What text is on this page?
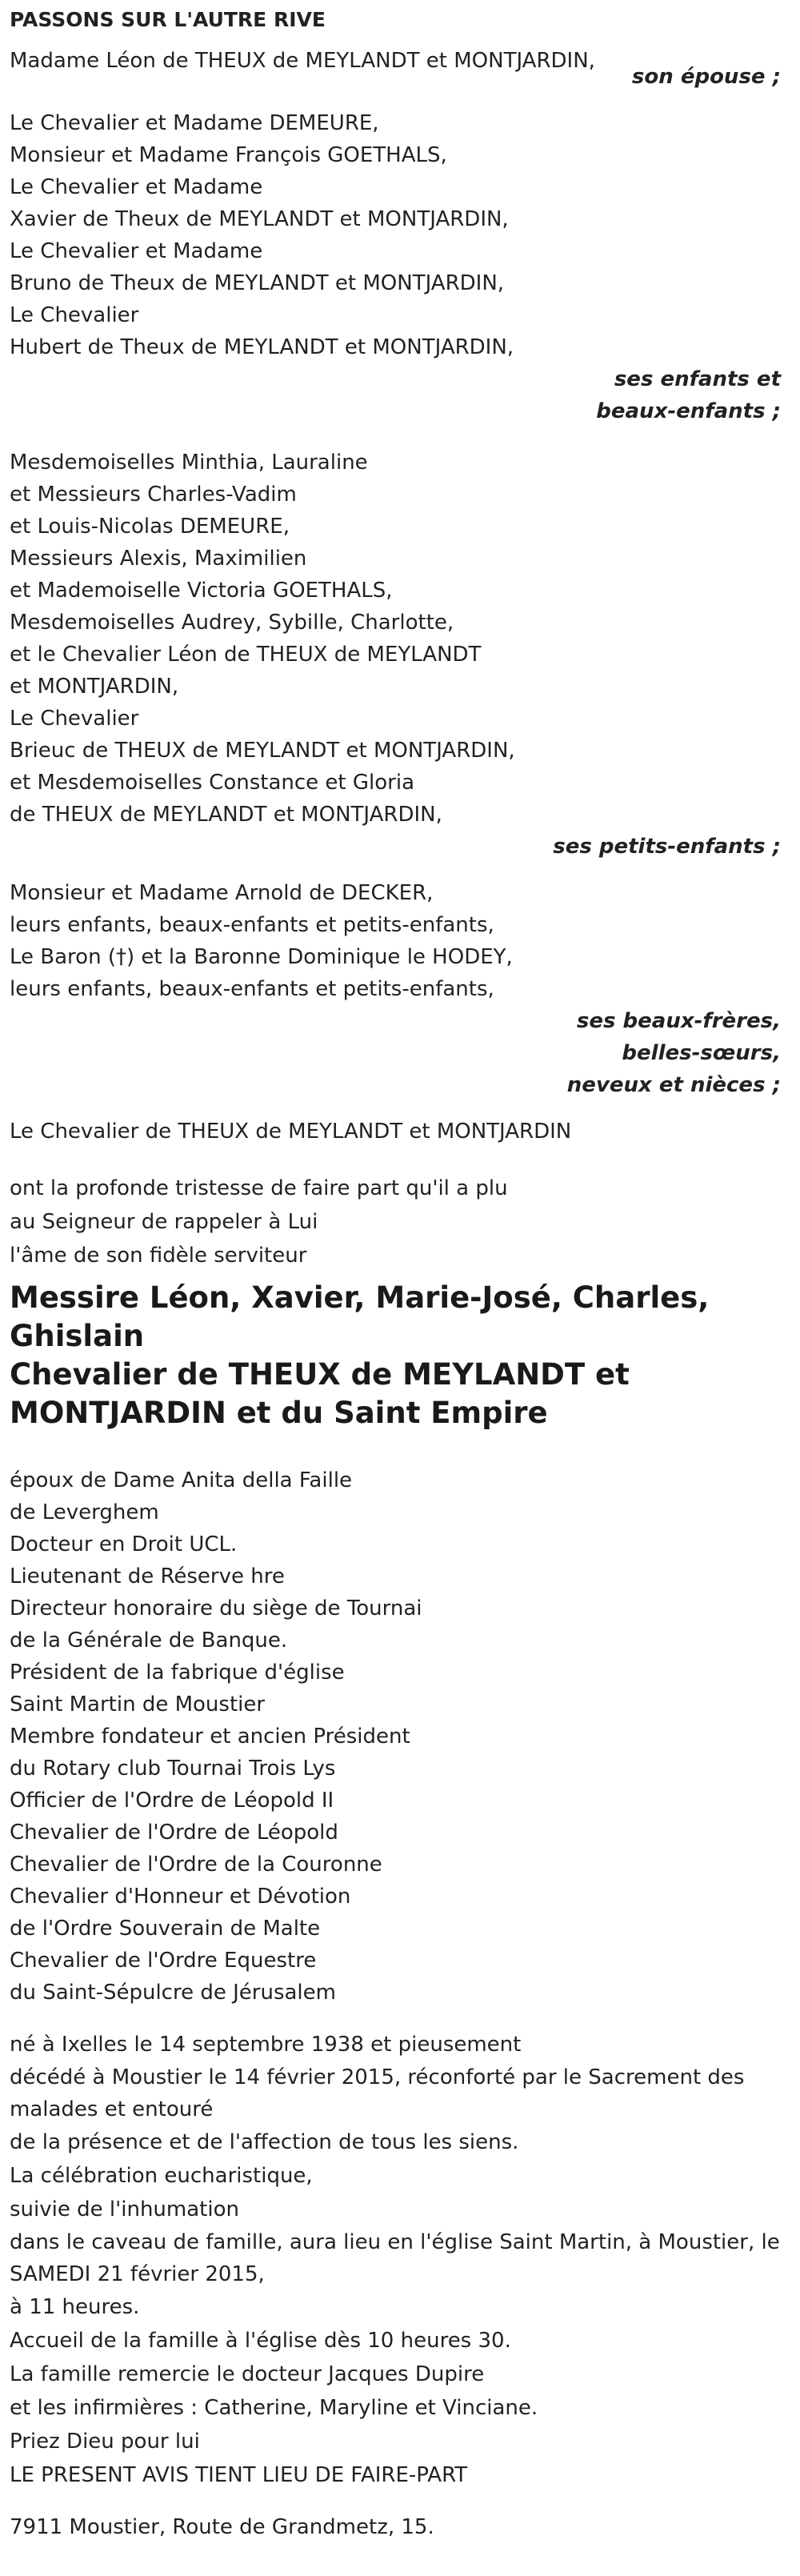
PASSONS SUR L'AUTRE RIVE
Madame Léon de THEUX de MEYLANDT et MONTJARDIN,
son épouse ;
Le Chevalier et Madame DEMEURE,
Monsieur et Madame François GOETHALS,
Le Chevalier et Madame
Xavier de Theux de MEYLANDT et MONTJARDIN,
Le Chevalier et Madame
Bruno de Theux de MEYLANDT et MONTJARDIN,
Le Chevalier
Hubert de Theux de MEYLANDT et MONTJARDIN,
ses enfants et
beaux-enfants ;
Mesdemoiselles Minthia, Lauraline
et Messieurs Charles-Vadim
et Louis-Nicolas DEMEURE,
Messieurs Alexis, Maximilien
et Mademoiselle Victoria GOETHALS,
Mesdemoiselles Audrey, Sybille, Charlotte,
et le Chevalier Léon de THEUX de MEYLANDT
et MONTJARDIN,
Le Chevalier
Brieuc de THEUX de MEYLANDT et MONTJARDIN,
et Mesdemoiselles Constance et Gloria
de THEUX de MEYLANDT et MONTJARDIN,
ses petits-enfants ;
Monsieur et Madame Arnold de DECKER,
leurs enfants, beaux-enfants et petits-enfants,
Le Baron (†) et la Baronne Dominique le HODEY,
leurs enfants, beaux-enfants et petits-enfants,
ses beaux-frères,
belles-sœurs,
neveux et nièces ;
Le Chevalier de THEUX de MEYLANDT et MONTJARDIN
ont la profonde tristesse de faire part qu'il a plu
au Seigneur de rappeler à Lui
l'âme de son fidèle serviteur
Messire Léon, Xavier, Marie-José, Charles, Ghislain
Chevalier de THEUX de MEYLANDT et
MONTJARDIN et du Saint Empire
époux de Dame Anita della Faille
de Leverghem
Docteur en Droit UCL.
Lieutenant de Réserve hre
Directeur honoraire du siège de Tournai
de la Générale de Banque.
Président de la fabrique d'église
Saint Martin de Moustier
Membre fondateur et ancien Président
du Rotary club Tournai Trois Lys
Officier de l'Ordre de Léopold II
Chevalier de l'Ordre de Léopold
Chevalier de l'Ordre de la Couronne
Chevalier d'Honneur et Dévotion
de l'Ordre Souverain de Malte
Chevalier de l'Ordre Equestre
du Saint-Sépulcre de Jérusalem
né à Ixelles le 14 septembre 1938 et pieusement
décédé à Moustier le 14 février 2015, réconforté par le Sacrement des malades et entouré
de la présence et de l'affection de tous les siens.
La célébration eucharistique,
suivie de l'inhumation
dans le caveau de famille, aura lieu en l'église Saint Martin, à Moustier, le SAMEDI 21 février 2015,
à 11 heures.
Accueil de la famille à l'église dès 10 heures 30.
La famille remercie le docteur Jacques Dupire
et les infirmières : Catherine, Maryline et Vinciane.
Priez Dieu pour lui
LE PRESENT AVIS TIENT LIEU DE FAIRE-PART
7911 Moustier, Route de Grandmetz, 15.
